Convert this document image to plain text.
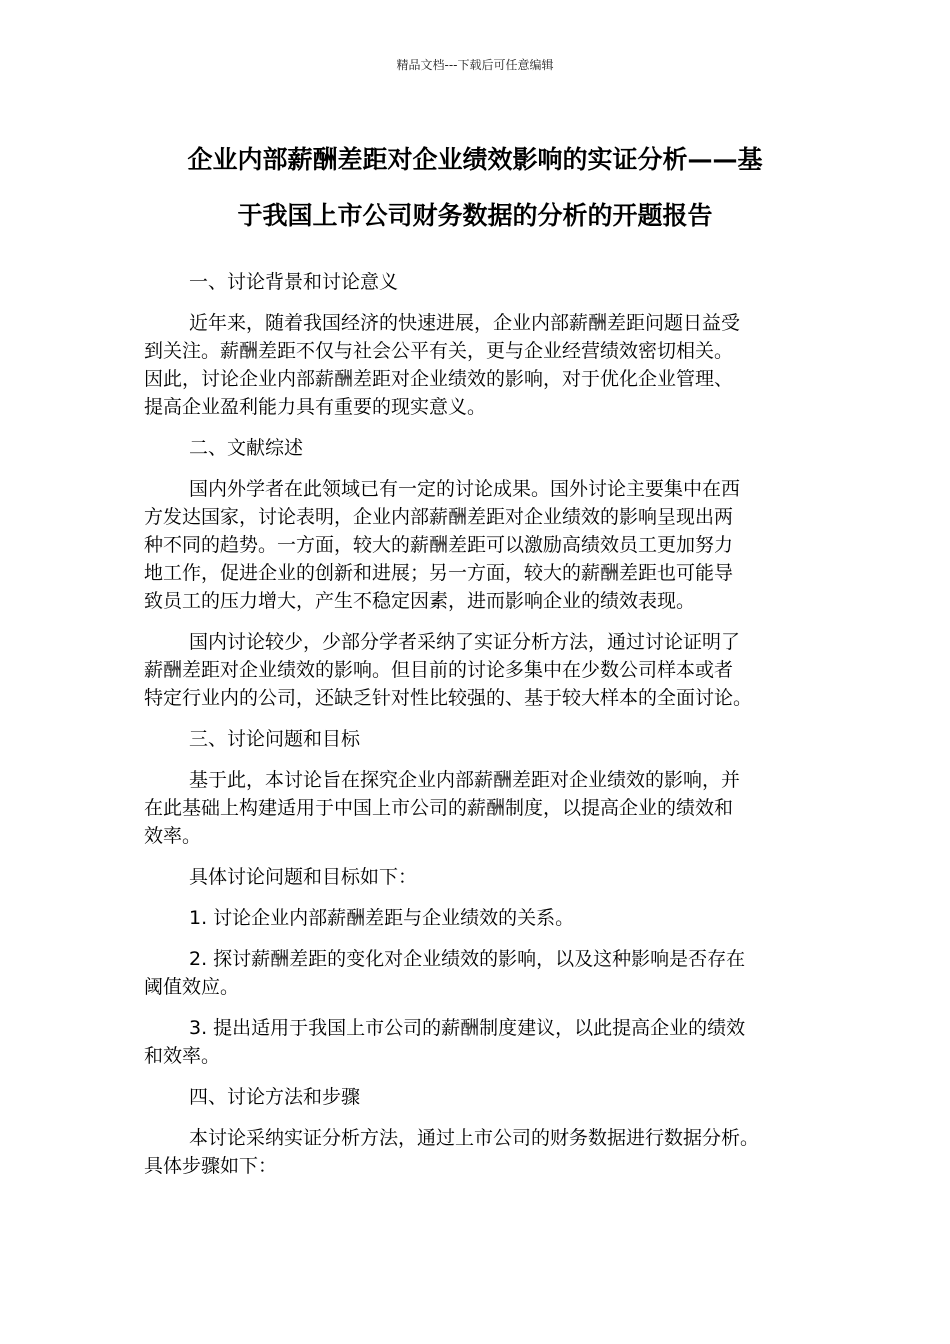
精品文档---下载后可任意编辑
企业内部薪酬差距对企业绩效影响的实证分析——基
于我国上市公司财务数据的分析的开题报告

一、讨论背景和讨论意义

近年来，随着我国经济的快速进展，企业内部薪酬差距问题日益受
到关注。薪酬差距不仅与社会公平有关，更与企业经营绩效密切相关。
因此，讨论企业内部薪酬差距对企业绩效的影响，对于优化企业管理、
提高企业盈利能力具有重要的现实意义。

二、文献综述

国内外学者在此领域已有一定的讨论成果。国外讨论主要集中在西
方发达国家，讨论表明，企业内部薪酬差距对企业绩效的影响呈现出两
种不同的趋势。一方面，较大的薪酬差距可以激励高绩效员工更加努力
地工作，促进企业的创新和进展；另一方面，较大的薪酬差距也可能导
致员工的压力增大，产生不稳定因素，进而影响企业的绩效表现。

国内讨论较少，少部分学者采纳了实证分析方法，通过讨论证明了
薪酬差距对企业绩效的影响。但目前的讨论多集中在少数公司样本或者
特定行业内的公司，还缺乏针对性比较强的、基于较大样本的全面讨论。

三、讨论问题和目标

基于此，本讨论旨在探究企业内部薪酬差距对企业绩效的影响，并
在此基础上构建适用于中国上市公司的薪酬制度，以提高企业的绩效和
效率。

具体讨论问题和目标如下：

1. 讨论企业内部薪酬差距与企业绩效的关系。

2. 探讨薪酬差距的变化对企业绩效的影响，以及这种影响是否存在
阈值效应。

3. 提出适用于我国上市公司的薪酬制度建议，以此提高企业的绩效
和效率。

四、讨论方法和步骤

本讨论采纳实证分析方法，通过上市公司的财务数据进行数据分析。
具体步骤如下：
